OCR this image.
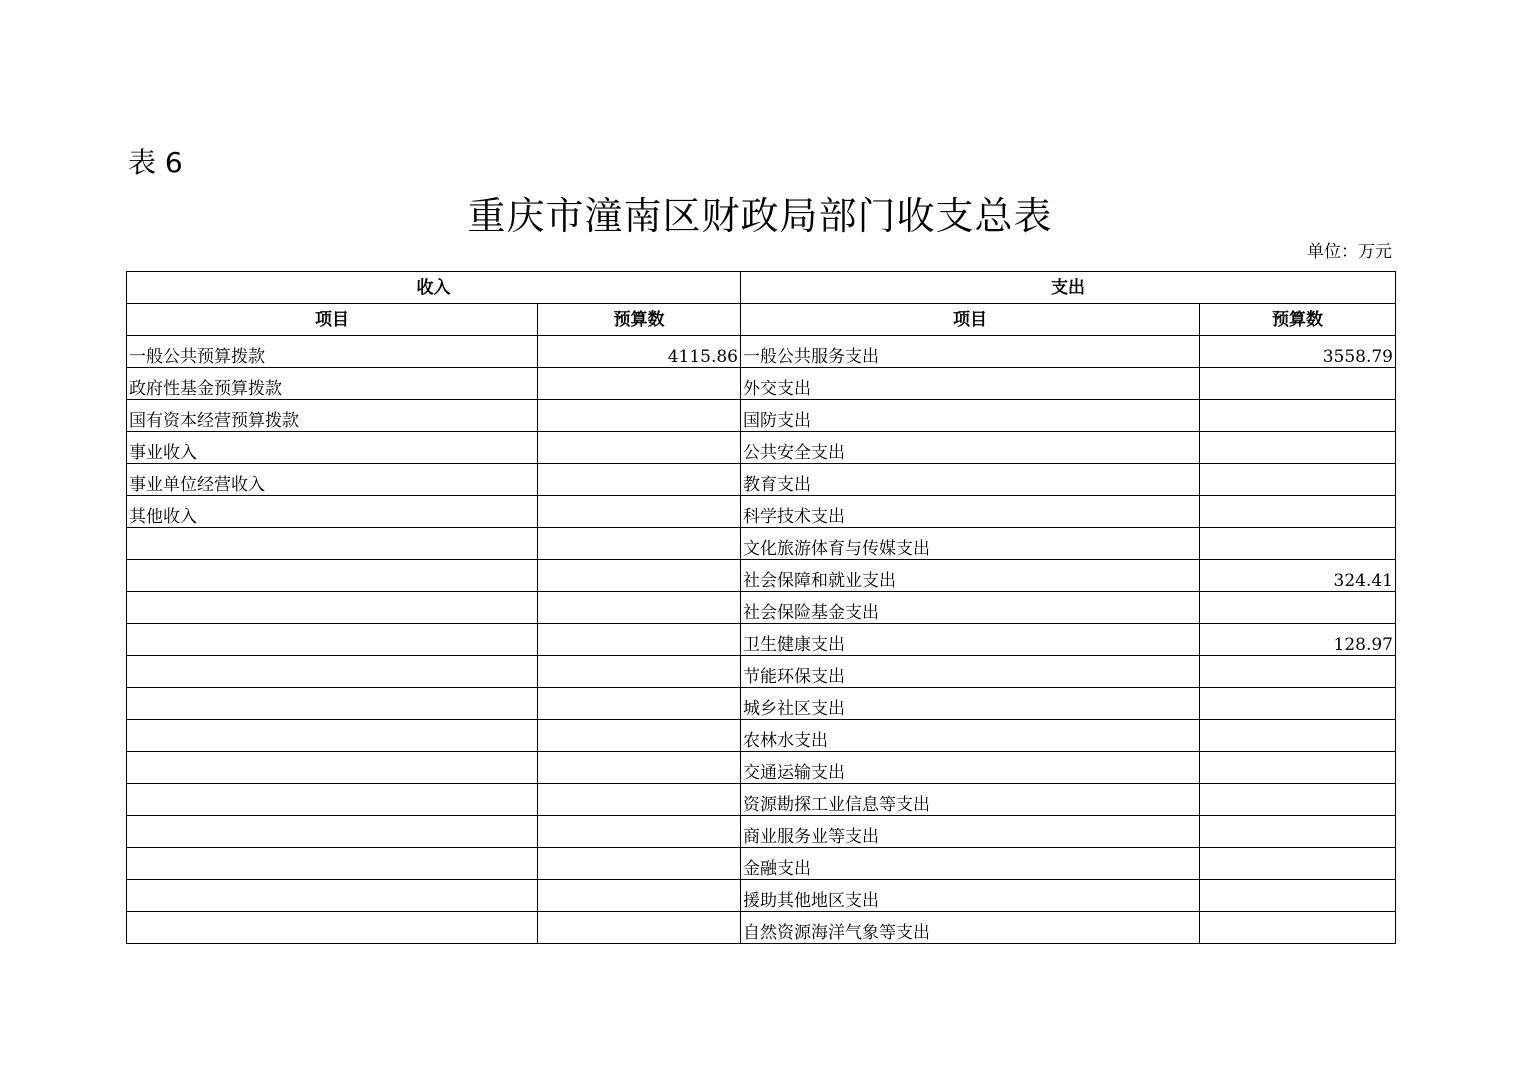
表 6
重庆市潼南区财政局部门收支总表
单位：万元
收入		支出	
项目	预算数	项目	预算数
一般公共预算拨款	4115.86	一般公共服务支出	3558.79
政府性基金预算拨款		外交支出	
国有资本经营预算拨款		国防支出	
事业收入		公共安全支出	
事业单位经营收入		教育支出	
其他收入		科学技术支出	
		文化旅游体育与传媒支出	
		社会保障和就业支出	324.41
		社会保险基金支出	
		卫生健康支出	128.97
		节能环保支出	
		城乡社区支出	
		农林水支出	
		交通运输支出	
		资源勘探工业信息等支出	
		商业服务业等支出	
		金融支出	
		援助其他地区支出	
		自然资源海洋气象等支出	
